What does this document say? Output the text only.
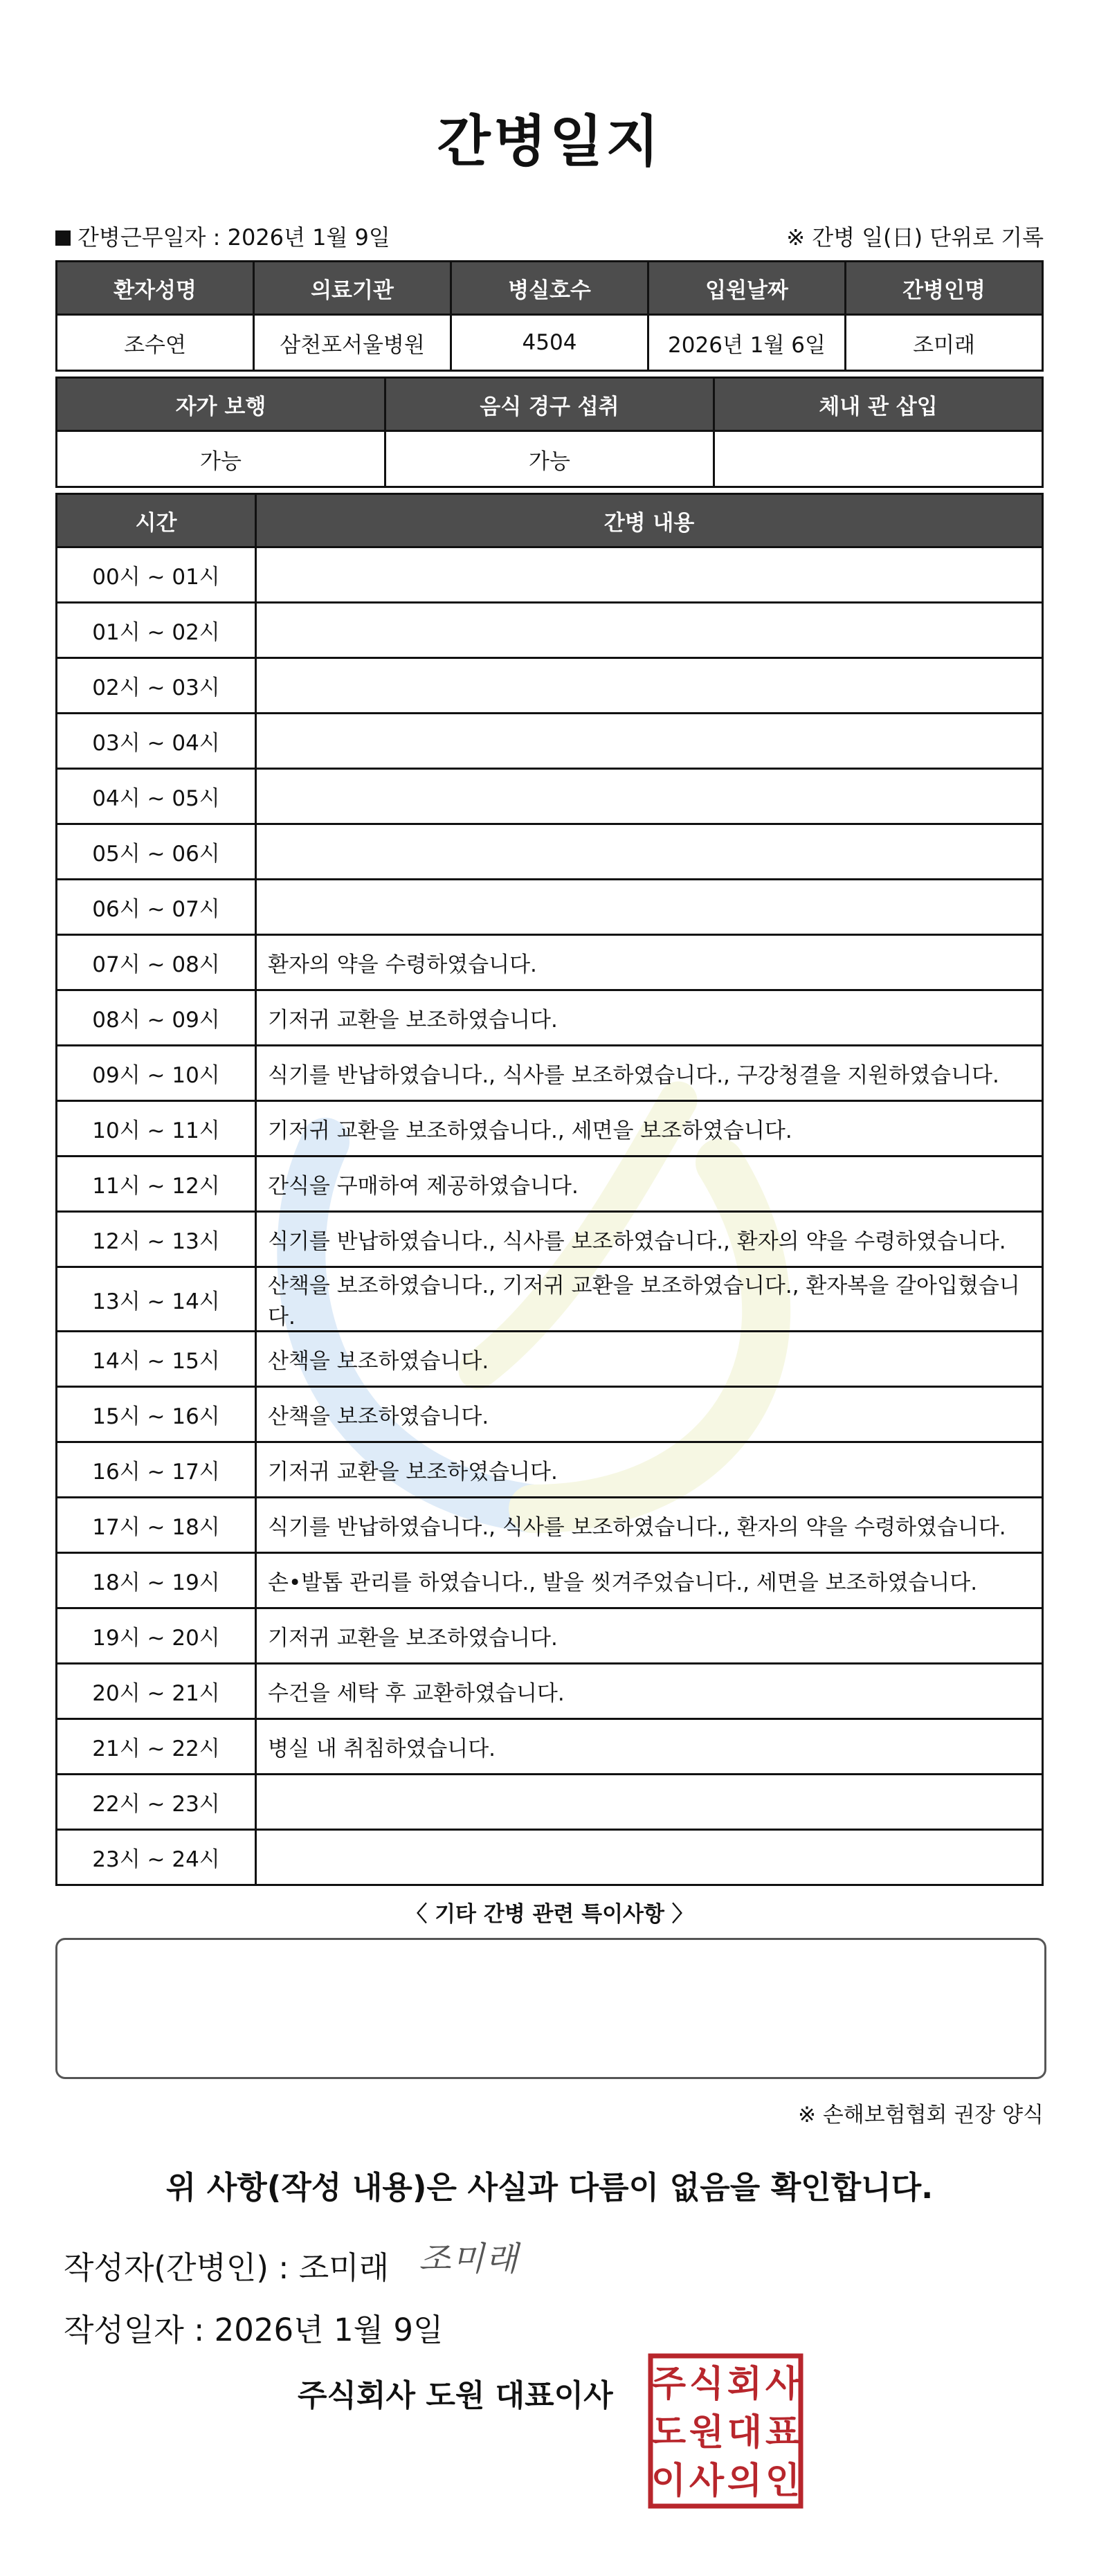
간병일지
간병근무일자 : 2026년 1월 9일	※ 간병 일(日) 단위로 기록
환자성명	의료기관	병실호수	입원날짜	간병인명
조수연	삼천포서울병원	4504	2026년 1월 6일	조미래
자가 보행	음식 경구 섭취	체내 관 삽입
가능	가능	
시간	간병 내용
00시 ~ 01시	
01시 ~ 02시	
02시 ~ 03시	
03시 ~ 04시	
04시 ~ 05시	
05시 ~ 06시	
06시 ~ 07시	
07시 ~ 08시	환자의 약을 수령하였습니다.
08시 ~ 09시	기저귀 교환을 보조하였습니다.
09시 ~ 10시	식기를 반납하였습니다., 식사를 보조하였습니다., 구강청결을 지원하였습니다.
10시 ~ 11시	기저귀 교환을 보조하였습니다., 세면을 보조하였습니다.
11시 ~ 12시	간식을 구매하여 제공하였습니다.
12시 ~ 13시	식기를 반납하였습니다., 식사를 보조하였습니다., 환자의 약을 수령하였습니다.
13시 ~ 14시	산책을 보조하였습니다., 기저귀 교환을 보조하였습니다., 환자복을 갈아입혔습니다.
14시 ~ 15시	산책을 보조하였습니다.
15시 ~ 16시	산책을 보조하였습니다.
16시 ~ 17시	기저귀 교환을 보조하였습니다.
17시 ~ 18시	식기를 반납하였습니다., 식사를 보조하였습니다., 환자의 약을 수령하였습니다.
18시 ~ 19시	손•발톱 관리를 하였습니다., 발을 씻겨주었습니다., 세면을 보조하였습니다.
19시 ~ 20시	기저귀 교환을 보조하였습니다.
20시 ~ 21시	수건을 세탁 후 교환하였습니다.
21시 ~ 22시	병실 내 취침하였습니다.
22시 ~ 23시	
23시 ~ 24시	
〈 기타 간병 관련 특이사항 〉
※ 손해보험협회 권장 양식
위 사항(작성 내용)은 사실과 다름이 없음을 확인합니다.
작성자(간병인) : 조미래 조미래
작성일자 : 2026년 1월 9일
주식회사 도원 대표이사 주 식 회 사
도 원 대 표
이 사 의 인
